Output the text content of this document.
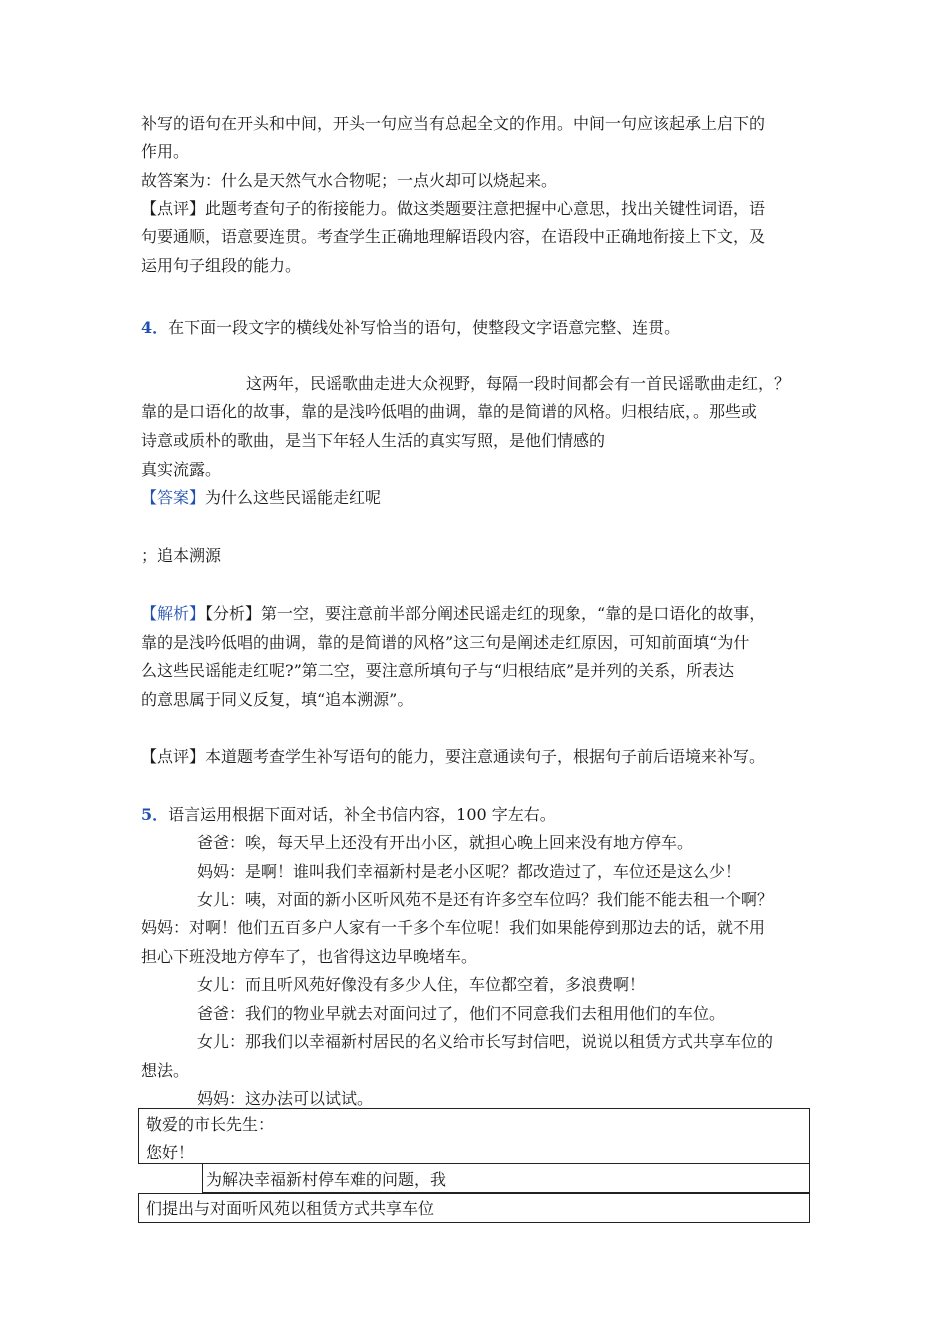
补写的语句在开头和中间，开头一句应当有总起全文的作用。中间一句应该起承上启下的
作用。
故答案为：什么是天然气水合物呢；一点火却可以烧起来。
【点评】此题考查句子的衔接能力。做这类题要注意把握中心意思，找出关键性词语，语
句要通顺，语意要连贯。考查学生正确地理解语段内容，在语段中正确地衔接上下文，及
运用句子组段的能力。
4．在下面一段文字的横线处补写恰当的语句，使整段文字语意完整、连贯。
这两年，民谣歌曲走进大众视野，每隔一段时间都会有一首民谣歌曲走红，？
靠的是口语化的故事，靠的是浅吟低唱的曲调，靠的是简谱的风格。归根结底，。那些或
诗意或质朴的歌曲，是当下年轻人生活的真实写照，是他们情感的
真实流露。
【答案】为什么这些民谣能走红呢
；追本溯源
【解析】【分析】第一空，要注意前半部分阐述民谣走红的现象，“靠的是口语化的故事，
靠的是浅吟低唱的曲调，靠的是简谱的风格”这三句是阐述走红原因，可知前面填“为什
么这些民谣能走红呢?”第二空，要注意所填句子与“归根结底”是并列的关系，所表达
的意思属于同义反复，填“追本溯源”。
【点评】本道题考查学生补写语句的能力，要注意通读句子，根据句子前后语境来补写。
5．语言运用根据下面对话，补全书信内容，100 字左右。
爸爸：唉，每天早上还没有开出小区，就担心晚上回来没有地方停车。
妈妈：是啊！谁叫我们幸福新村是老小区呢？都改造过了，车位还是这么少！
女儿：咦，对面的新小区听风苑不是还有许多空车位吗？我们能不能去租一个啊？
妈妈：对啊！他们五百多户人家有一千多个车位呢！我们如果能停到那边去的话，就不用
担心下班没地方停车了，也省得这边早晚堵车。
女儿：而且听风苑好像没有多少人住，车位都空着，多浪费啊！
爸爸：我们的物业早就去对面问过了，他们不同意我们去租用他们的车位。
女儿：那我们以幸福新村居民的名义给市长写封信吧，说说以租赁方式共享车位的
想法。
妈妈：这办法可以试试。
敬爱的市长先生：
您好！
为解决幸福新村停车难的问题，我
们提出与对面听风苑以租赁方式共享车位
